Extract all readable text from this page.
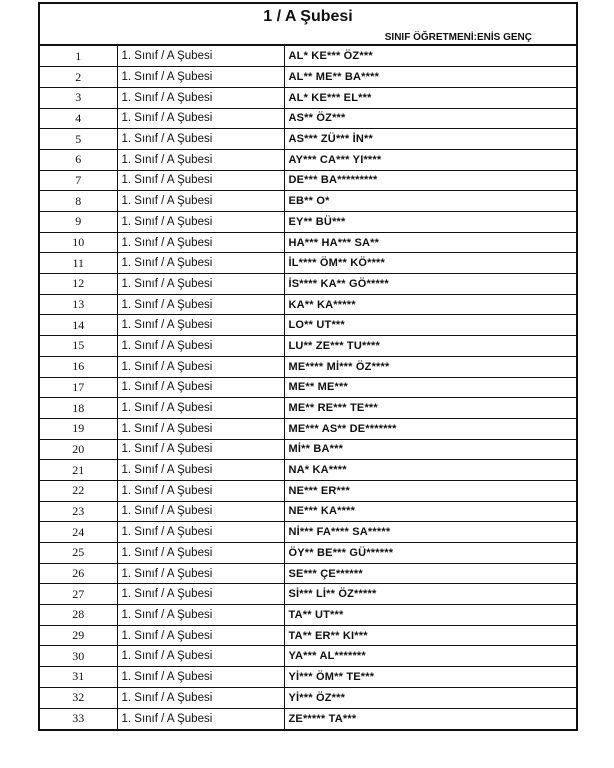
1 / A Şubesi
SINIF ÖĞRETMENİ:ENİS GENÇ
1	1. Sınıf / A Şubesi	AL* KE*** ÖZ***
2	1. Sınıf / A Şubesi	AL** ME** BA****
3	1. Sınıf / A Şubesi	AL* KE*** EL***
4	1. Sınıf / A Şubesi	AS** ÖZ***
5	1. Sınıf / A Şubesi	AS*** ZÜ*** İN**
6	1. Sınıf / A Şubesi	AY*** CA*** YI****
7	1. Sınıf / A Şubesi	DE*** BA*********
8	1. Sınıf / A Şubesi	EB** O*
9	1. Sınıf / A Şubesi	EY** BÜ***
10	1. Sınıf / A Şubesi	HA*** HA*** SA**
11	1. Sınıf / A Şubesi	İL**** ÖM** KÖ****
12	1. Sınıf / A Şubesi	İS**** KA** GÖ*****
13	1. Sınıf / A Şubesi	KA** KA*****
14	1. Sınıf / A Şubesi	LO** UT***
15	1. Sınıf / A Şubesi	LU** ZE*** TU****
16	1. Sınıf / A Şubesi	ME**** Mİ*** ÖZ****
17	1. Sınıf / A Şubesi	ME** ME***
18	1. Sınıf / A Şubesi	ME** RE*** TE***
19	1. Sınıf / A Şubesi	ME*** AS** DE*******
20	1. Sınıf / A Şubesi	Mİ** BA***
21	1. Sınıf / A Şubesi	NA* KA****
22	1. Sınıf / A Şubesi	NE*** ER***
23	1. Sınıf / A Şubesi	NE*** KA****
24	1. Sınıf / A Şubesi	Nİ*** FA**** SA*****
25	1. Sınıf / A Şubesi	ÖY** BE*** GÜ******
26	1. Sınıf / A Şubesi	SE*** ÇE******
27	1. Sınıf / A Şubesi	Sİ*** Lİ** ÖZ*****
28	1. Sınıf / A Şubesi	TA** UT***
29	1. Sınıf / A Şubesi	TA** ER** KI***
30	1. Sınıf / A Şubesi	YA*** AL*******
31	1. Sınıf / A Şubesi	Yİ*** ÖM** TE***
32	1. Sınıf / A Şubesi	Yİ*** ÖZ***
33	1. Sınıf / A Şubesi	ZE***** TA***
